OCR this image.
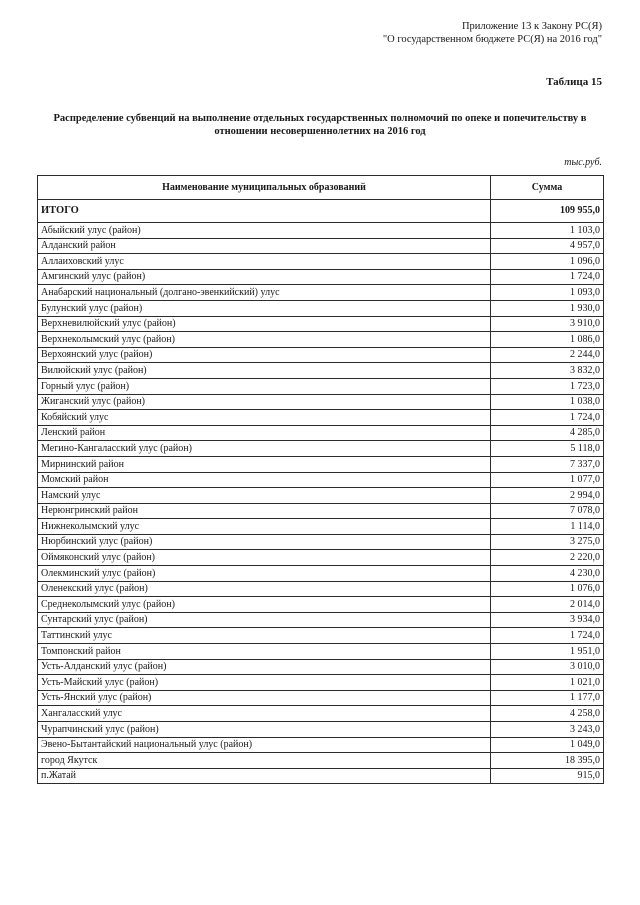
Приложение 13 к Закону РС(Я)
"О государственном бюджете РС(Я) на 2016 год"
Таблица 15
Распределение субвенций на выполнение отдельных государственных полномочий по опеке и попечительству в
отношении несовершеннолетних на 2016 год
тыс.руб.
Наименование муниципальных образований	Сумма
ИТОГО	109 955,0
Абыйский улус (район)	1 103,0
Алданский район	4 957,0
Аллаиховский улус	1 096,0
Амгинский улус (район)	1 724,0
Анабарский национальный (долгано-эвенкийский) улус	1 093,0
Булунский улус (район)	1 930,0
Верхневилюйский улус (район)	3 910,0
Верхнеколымский улус (район)	1 086,0
Верхоянский улус (район)	2 244,0
Вилюйский улус (район)	3 832,0
Горный улус (район)	1 723,0
Жиганский улус (район)	1 038,0
Кобяйский улус	1 724,0
Ленский район	4 285,0
Мегино-Кангаласский улус (район)	5 118,0
Мирнинский район	7 337,0
Момский район	1 077,0
Намский улус	2 994,0
Нерюнгринский район	7 078,0
Нижнеколымский улус	1 114,0
Нюрбинский улус (район)	3 275,0
Оймяконский улус (район)	2 220,0
Олекминский улус (район)	4 230,0
Оленекский улус (район)	1 076,0
Среднеколымский улус (район)	2 014,0
Сунтарский улус (район)	3 934,0
Таттинский улус	1 724,0
Томпонский район	1 951,0
Усть-Алданский улус (район)	3 010,0
Усть-Майский улус (район)	1 021,0
Усть-Янский улус (район)	1 177,0
Хангаласский улус	4 258,0
Чурапчинский улус (район)	3 243,0
Эвено-Бытантайский национальный улус (район)	1 049,0
город Якутск	18 395,0
п.Жатай	915,0
